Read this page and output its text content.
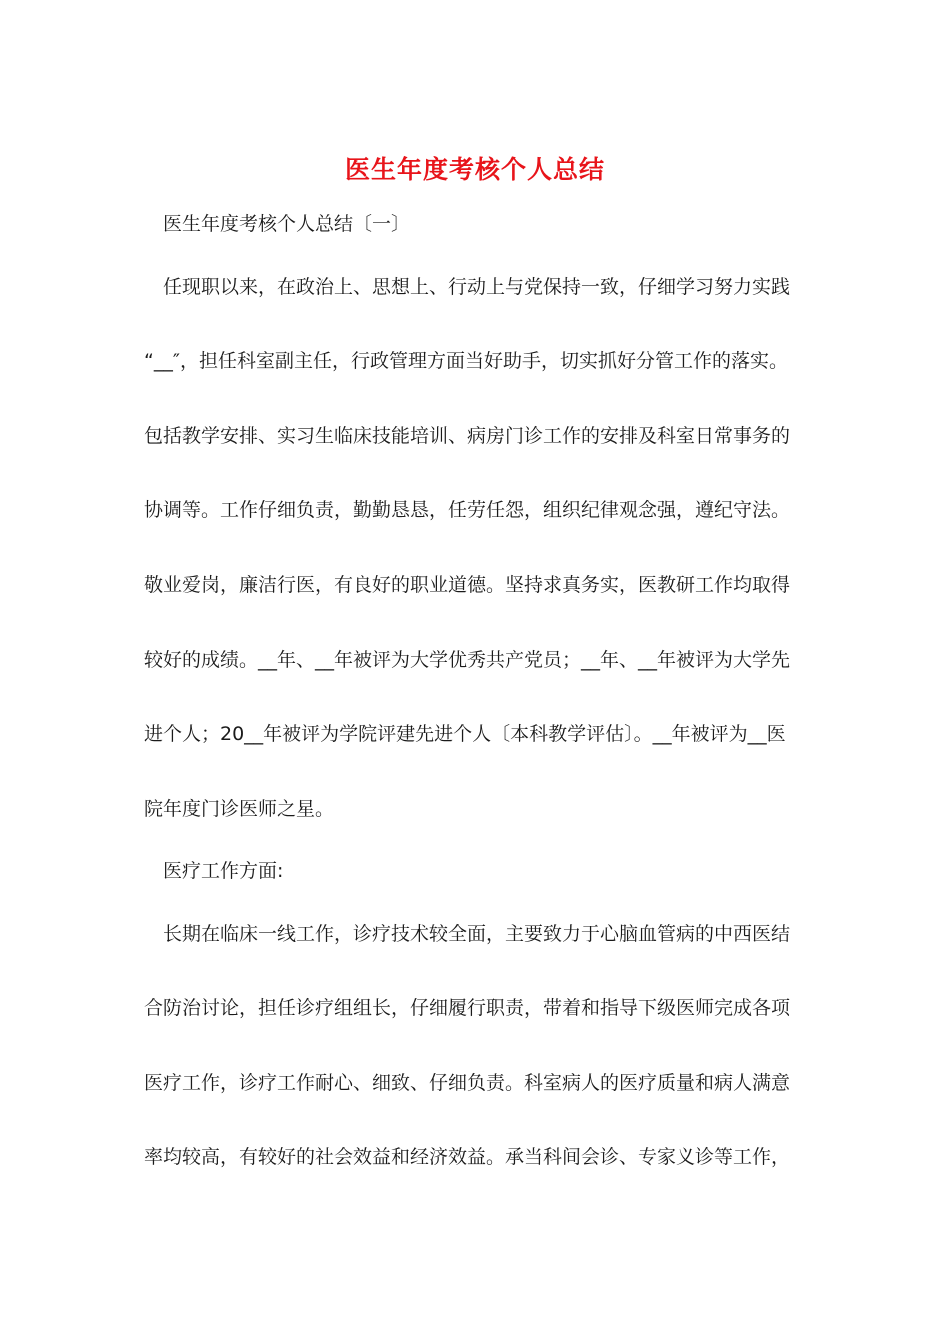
医生年度考核个人总结

医生年度考核个人总结〔一〕

任现职以来，在政治上、思想上、行动上与党保持一致，仔细学习努力实践

“__″，担任科室副主任，行政管理方面当好助手，切实抓好分管工作的落实。

包括教学安排、实习生临床技能培训、病房门诊工作的安排及科室日常事务的

协调等。工作仔细负责，勤勤恳恳，任劳任怨，组织纪律观念强，遵纪守法。

敬业爱岗，廉洁行医，有良好的职业道德。坚持求真务实，医教研工作均取得

较好的成绩。__年、__年被评为大学优秀共产党员；__年、__年被评为大学先

进个人；20__年被评为学院评建先进个人〔本科教学评估〕。__年被评为__医

院年度门诊医师之星。

医疗工作方面:

长期在临床一线工作，诊疗技术较全面，主要致力于心脑血管病的中西医结

合防治讨论，担任诊疗组组长，仔细履行职责，带着和指导下级医师完成各项

医疗工作，诊疗工作耐心、细致、仔细负责。科室病人的医疗质量和病人满意

率均较高，有较好的社会效益和经济效益。承当科间会诊、专家义诊等工作，
